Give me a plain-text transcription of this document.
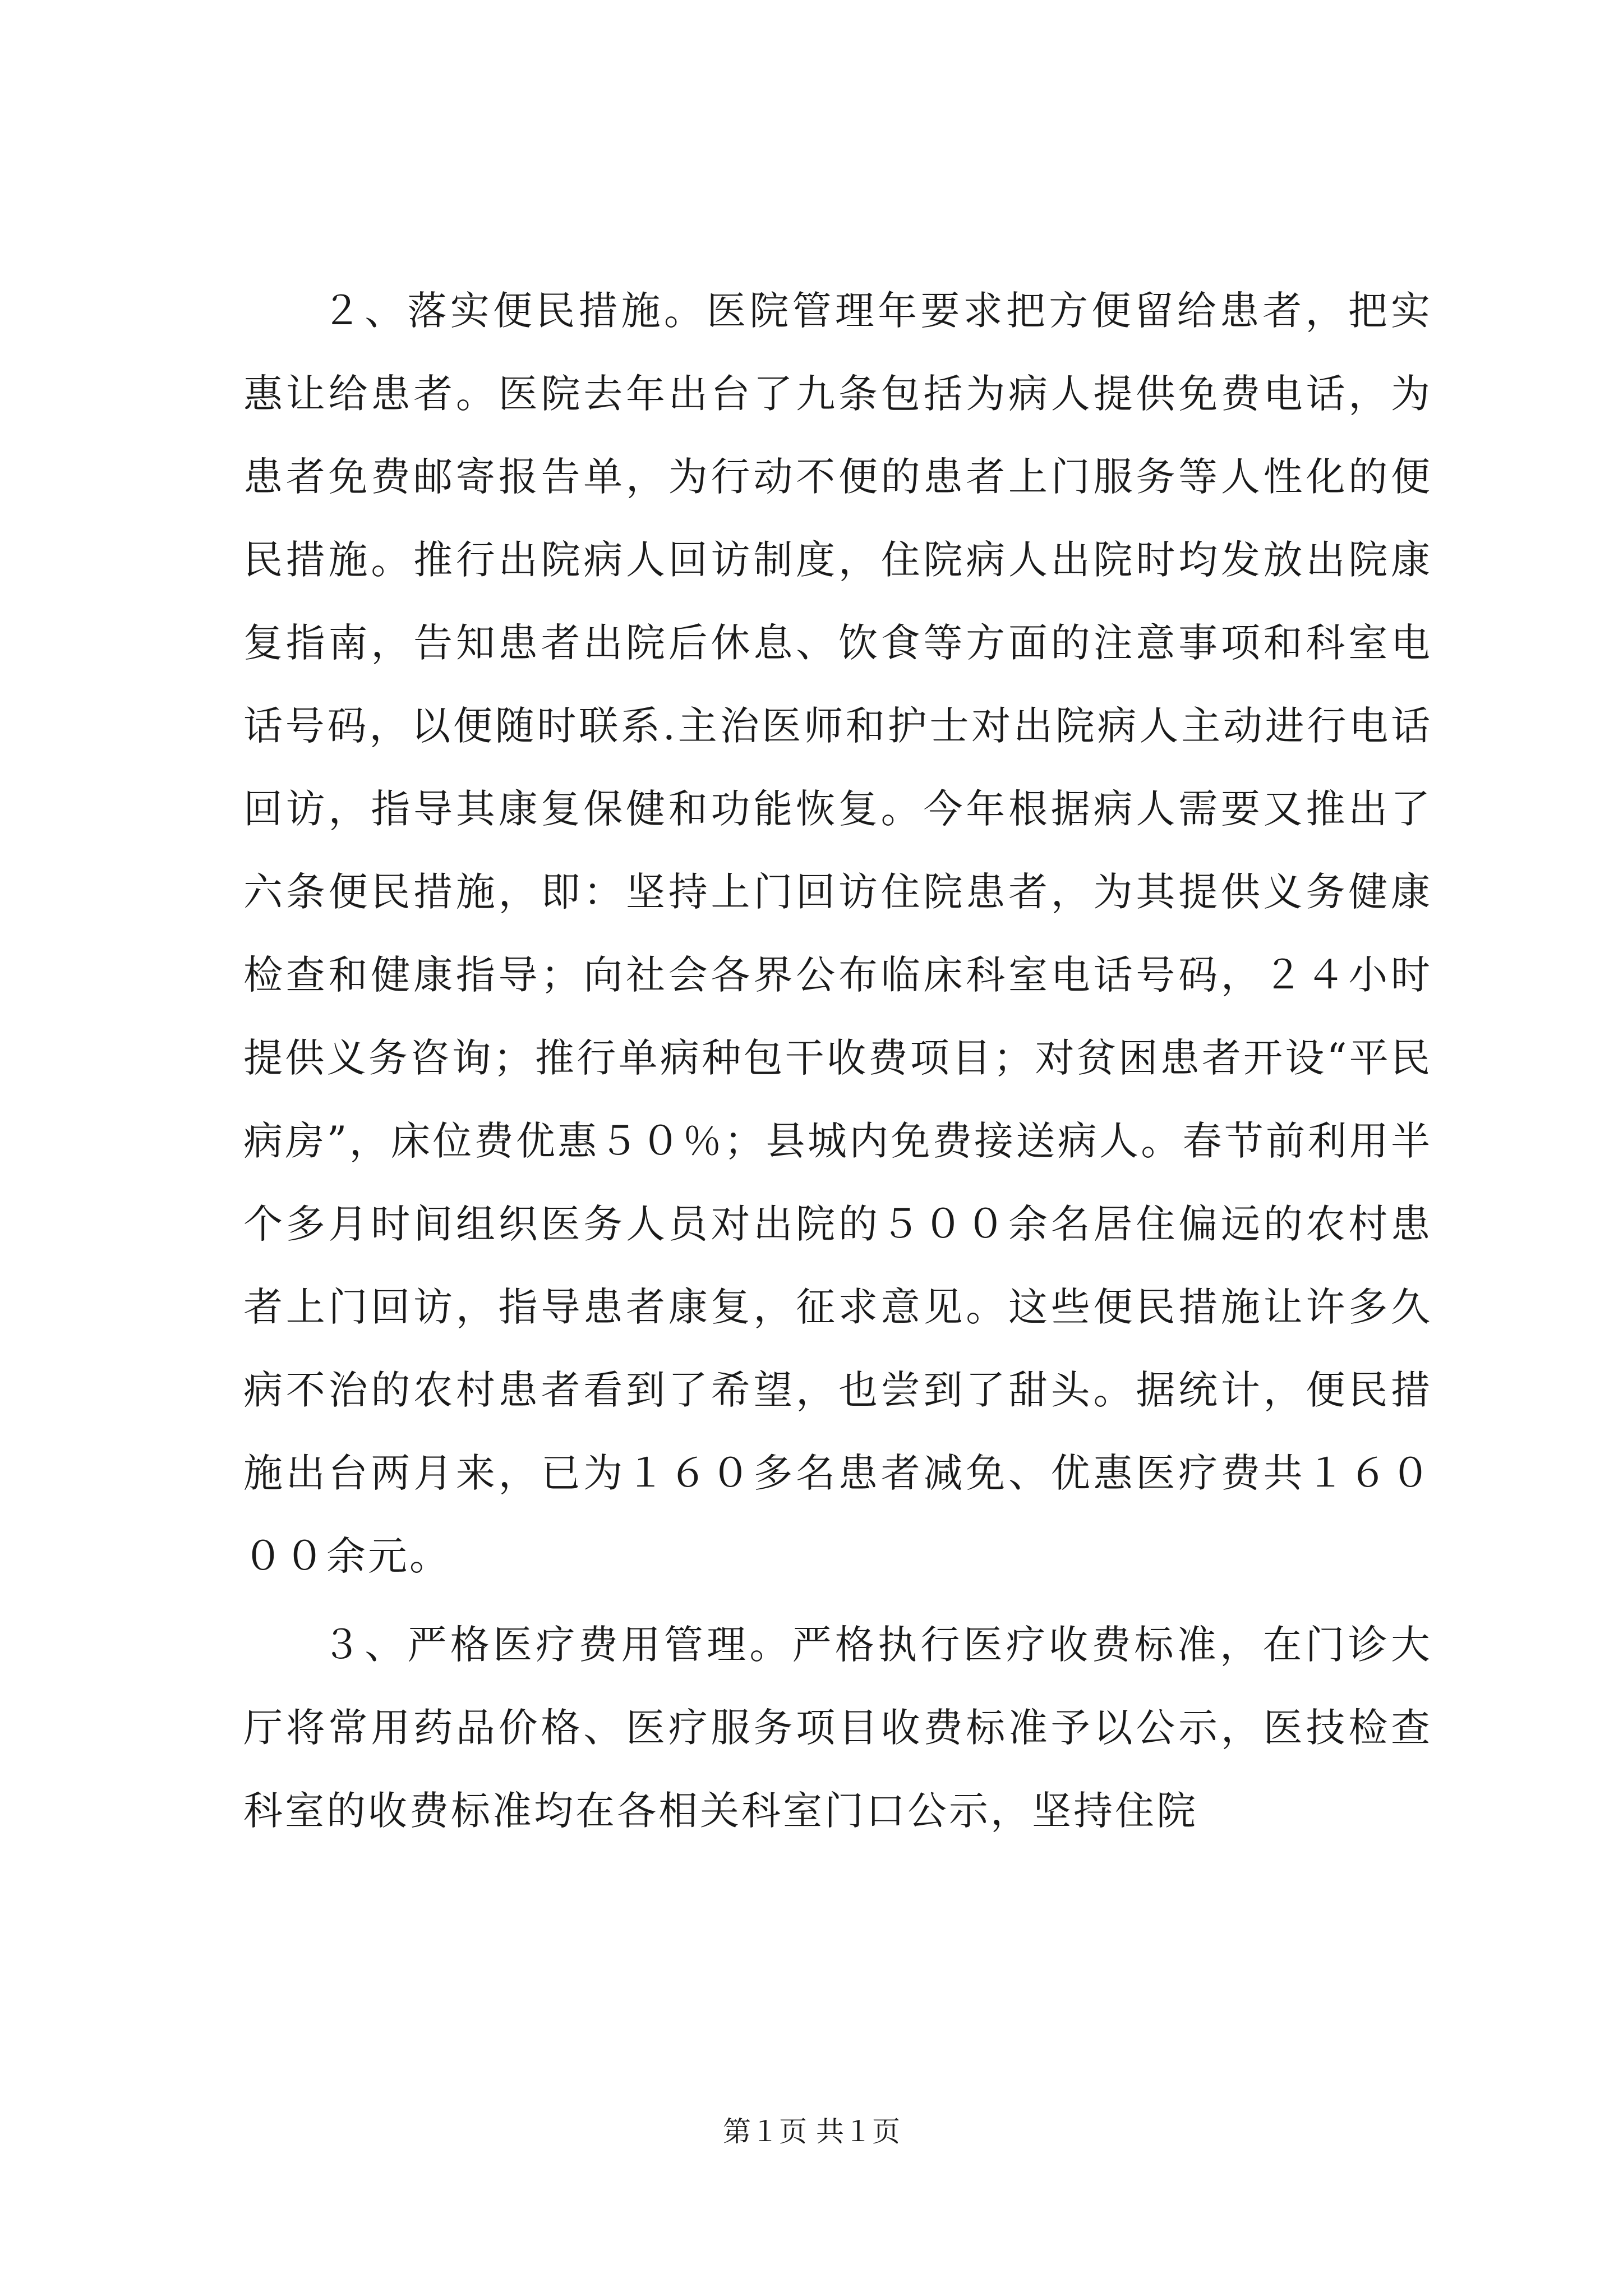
２、落实便民措施。医院管理年要求把方便留给患者，把实惠让给患者。医院去年出台了九条包括为病人提供免费电话，为患者免费邮寄报告单，为行动不便的患者上门服务等人性化的便民措施。推行出院病人回访制度，住院病人出院时均发放出院康复指南，告知患者出院后休息、饮食等方面的注意事项和科室电话号码，以便随时联系.主治医师和护士对出院病人主动进行电话回访，指导其康复保健和功能恢复。今年根据病人需要又推出了六条便民措施，即：坚持上门回访住院患者，为其提供义务健康检查和健康指导；向社会各界公布临床科室电话号码，２４小时提供义务咨询；推行单病种包干收费项目；对贫困患者开设“平民病房”，床位费优惠５０％；县城内免费接送病人。春节前利用半个多月时间组织医务人员对出院的５００余名居住偏远的农村患者上门回访，指导患者康复，征求意见。这些便民措施让许多久病不治的农村患者看到了希望，也尝到了甜头。据统计，便民措施出台两月来，已为１６０多名患者减免、优惠医疗费共１６０００余元。

３、严格医疗费用管理。严格执行医疗收费标准，在门诊大厅将常用药品价格、医疗服务项目收费标准予以公示，医技检查科室的收费标准均在各相关科室门口公示，坚持住院

第１页 共１页
